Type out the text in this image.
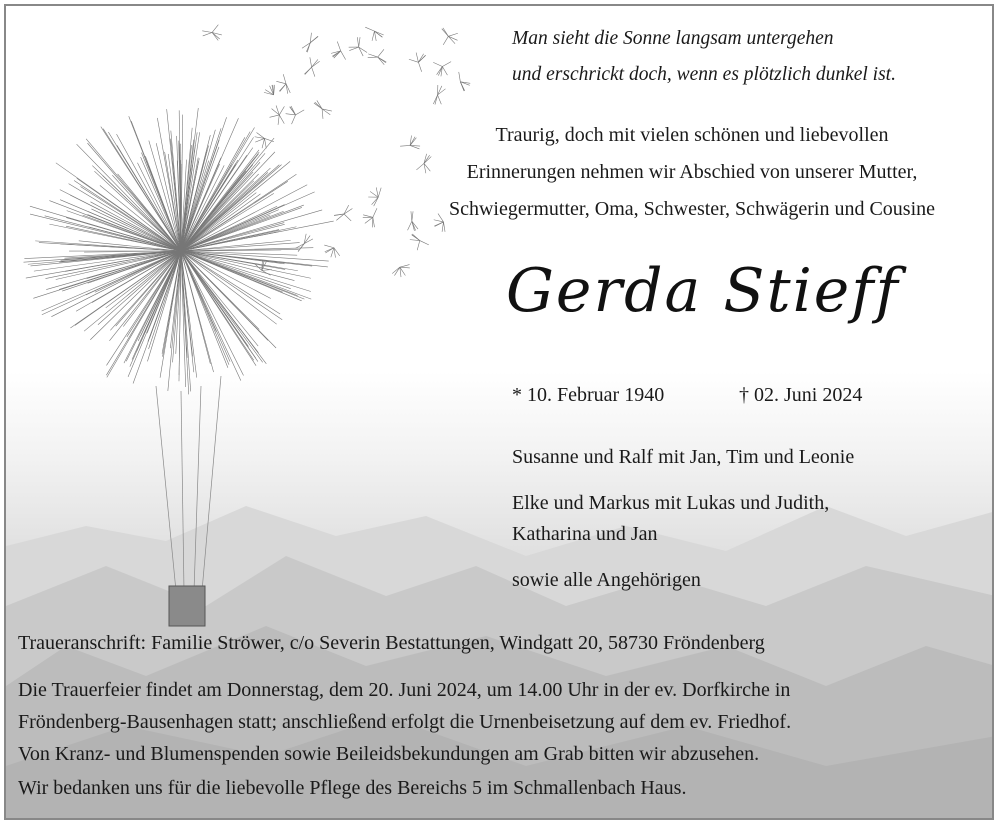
Man sieht die Sonne langsam untergehen
und erschrickt doch, wenn es plötzlich dunkel ist.
Traurig, doch mit vielen schönen und liebevollen
Erinnerungen nehmen wir Abschied von unserer Mutter,
Schwiegermutter, Oma, Schwester, Schwägerin und Cousine
Gerda Stieff
* 10. Februar 1940	† 02. Juni 2024
Susanne und Ralf mit Jan, Tim und Leonie
Elke und Markus mit Lukas und Judith,
Katharina und Jan
sowie alle Angehörigen
Traueranschrift: Familie Ströwer, c/o Severin Bestattungen, Windgatt 20, 58730 Fröndenberg
Die Trauerfeier findet am Donnerstag, dem 20. Juni 2024, um 14.00 Uhr in der ev. Dorfkirche in
Fröndenberg-Bausenhagen statt; anschließend erfolgt die Urnenbeisetzung auf dem ev. Friedhof.
Von Kranz- und Blumenspenden sowie Beileidsbekundungen am Grab bitten wir abzusehen.
Wir bedanken uns für die liebevolle Pflege des Bereichs 5 im Schmallenbach Haus.
